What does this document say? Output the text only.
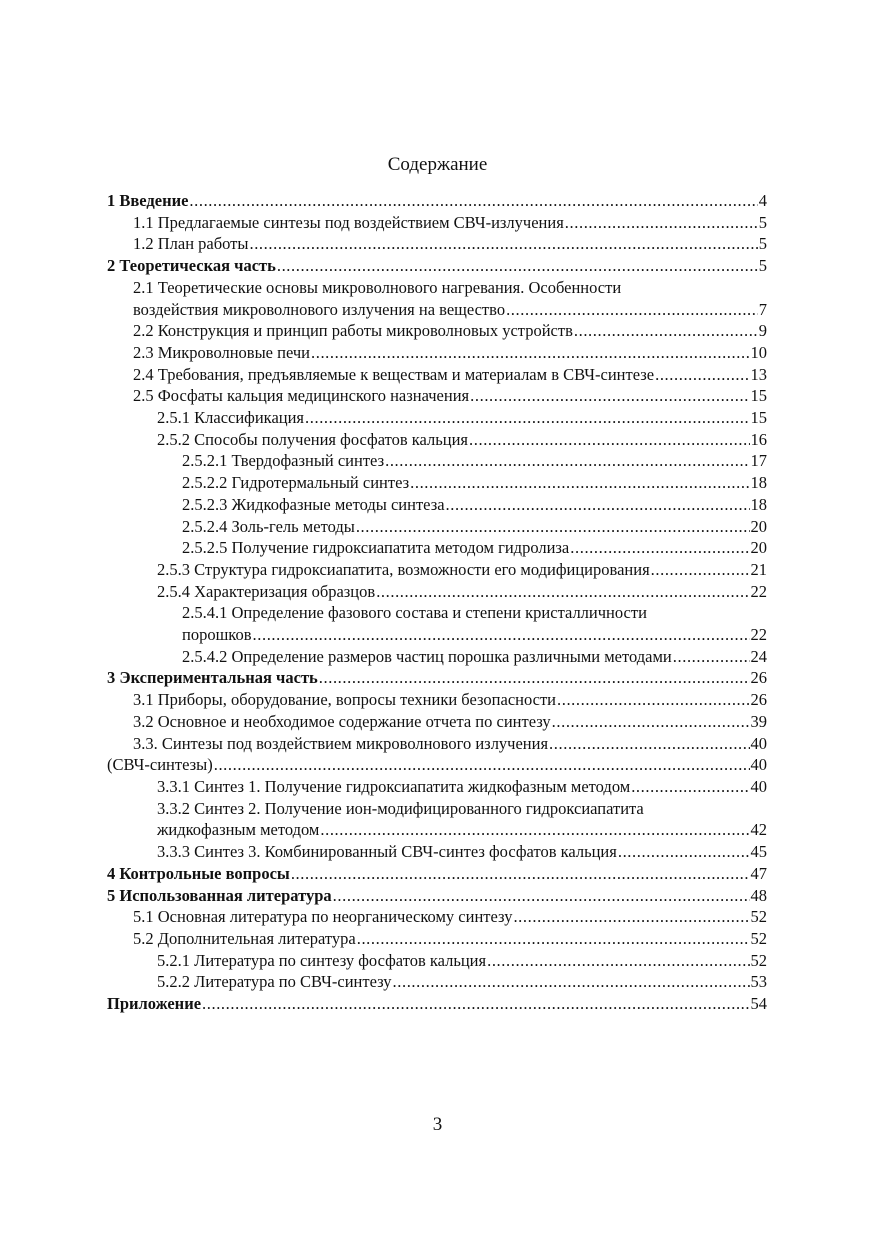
Содержание
1 Введение .....	4
1.1 Предлагаемые синтезы под воздействием СВЧ-излучения .....	5
1.2 План работы .....	5
2 Теоретическая часть .....	5
2.1 Теоретические основы микроволнового нагревания. Особенности
воздействия микроволнового излучения на вещество .....	7
2.2 Конструкция и принцип работы микроволновых устройств .....	9
2.3 Микроволновые печи .....	10
2.4 Требования, предъявляемые к веществам и материалам в СВЧ-синтезе .....	13
2.5 Фосфаты кальция медицинского назначения .....	15
2.5.1 Классификация .....	15
2.5.2 Способы получения фосфатов кальция .....	16
2.5.2.1 Твердофазный синтез .....	17
2.5.2.2 Гидротермальный синтез .....	18
2.5.2.3 Жидкофазные методы синтеза .....	18
2.5.2.4 Золь-гель методы .....	20
2.5.2.5 Получение гидроксиапатита методом гидролиза .....	20
2.5.3 Структура гидроксиапатита, возможности его модифицирования .....	21
2.5.4 Характеризация образцов .....	22
2.5.4.1 Определение фазового состава и степени кристалличности
порошков .....	22
2.5.4.2 Определение размеров частиц порошка различными методами .....	24
3 Экспериментальная часть .....	26
3.1 Приборы, оборудование, вопросы техники безопасности .....	26
3.2 Основное и необходимое содержание отчета по синтезу .....	39
3.3. Синтезы под воздействием микроволнового излучения .....	40
(СВЧ-синтезы) .....	40
3.3.1 Синтез 1. Получение гидроксиапатита жидкофазным методом .....	40
3.3.2 Синтез 2. Получение ион-модифицированного гидроксиапатита
жидкофазным методом .....	42
3.3.3 Синтез 3. Комбинированный СВЧ-синтез фосфатов кальция .....	45
4 Контрольные вопросы .....	47
5 Использованная литература .....	48
5.1 Основная литература по неорганическому синтезу .....	52
5.2 Дополнительная литература .....	52
5.2.1 Литература по синтезу фосфатов кальция .....	52
5.2.2 Литература по СВЧ-синтезу .....	53
Приложение .....	54
3
